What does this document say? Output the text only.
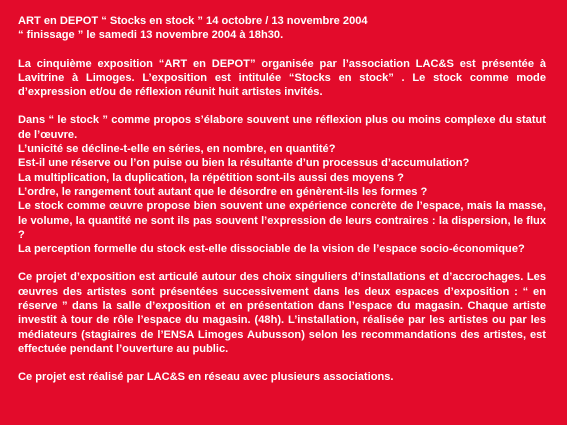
ART en DEPOT “ Stocks en stock ” 14 octobre / 13 novembre 2004

“ finissage ” le samedi 13 novembre 2004 à 18h30.

La cinquième exposition “ART en DEPOT” organisée par l’association LAC&S est présentée à Lavitrine à Limoges. L’exposition est intitulée “Stocks en stock” . Le stock comme mode d’expression et/ou de réflexion réunit huit artistes invités.

Dans “ le stock ” comme propos s’élabore souvent une réflexion plus ou moins complexe du statut de l’œuvre.

L’unicité se décline-t-elle en séries, en nombre, en quantité?

Est-il une réserve ou l’on puise ou bien la résultante d’un processus d’accumulation?

La multiplication, la duplication, la répétition sont-ils aussi des moyens ?

L’ordre, le rangement tout autant que le désordre en génèrent-ils les formes ?

Le stock comme œuvre propose bien souvent une expérience concrète de l’espace, mais la masse, le volume, la quantité ne sont ils pas souvent l’expression de leurs contraires : la dispersion, le flux ?

La perception formelle du stock est-elle dissociable de la vision de l’espace socio-économique?

Ce projet d’exposition est articulé autour des choix singuliers d’installations et d’accrochages. Les œuvres des artistes sont présentées successivement dans les deux espaces d’exposition : “ en réserve ” dans la salle d’exposition et en présentation dans l’espace du magasin. Chaque artiste investit à tour de rôle l’espace du magasin. (48h). L’installation, réalisée par les artistes ou par les médiateurs (stagiaires de l’ENSA Limoges Aubusson) selon les recommandations des artistes, est effectuée pendant l’ouverture au public.

Ce projet est réalisé par LAC&S en réseau avec plusieurs associations.
